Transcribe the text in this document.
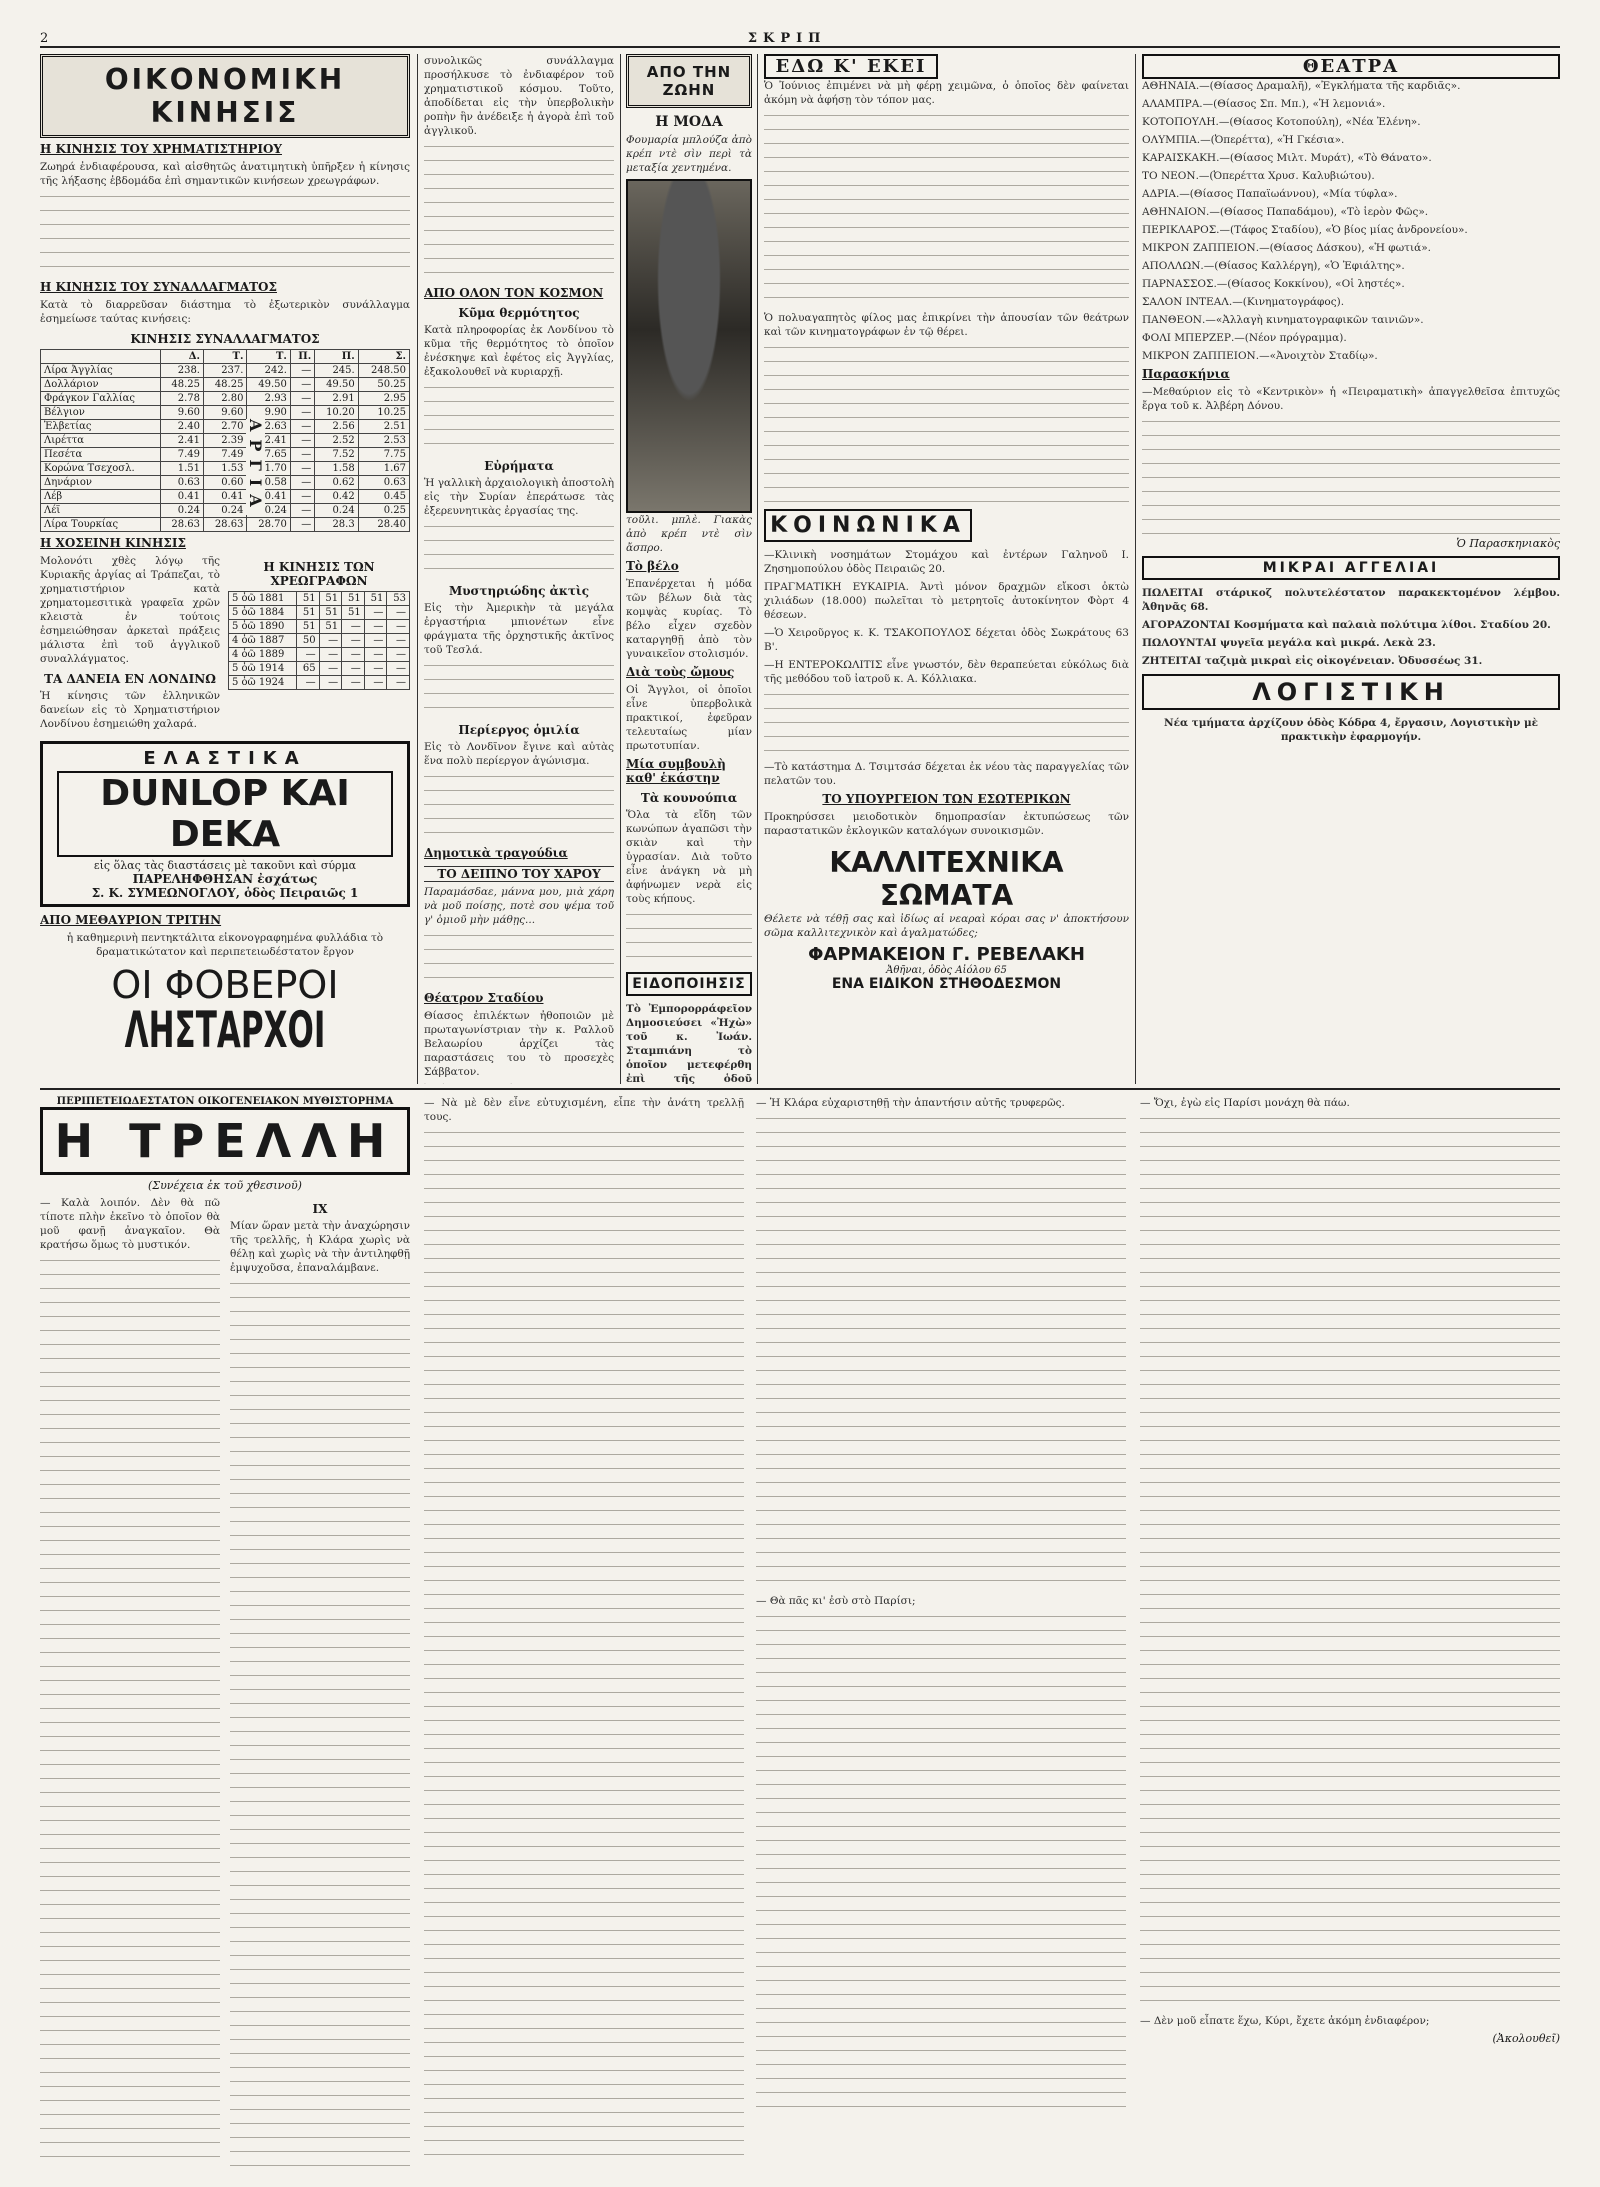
2	ΣΚΡΙΠ
ΟΙΚΟΝΟΜΙΚΗ ΚΙΝΗΣΙΣ
Η ΚΙΝΗΣΙΣ ΤΟΥ ΧΡΗΜΑΤΙΣΤΗΡΙΟΥ

Ζωηρά ἐνδιαφέρουσα, καὶ αἰσθητῶς ἀνατιμητικὴ ὑπῆρξεν ἡ κίνησις τῆς λήξασης ἑβδομάδα ἐπὶ σημαντικῶν κινήσεων χρεωγράφων.

Η ΚΙΝΗΣΙΣ ΤΟΥ ΣΥΝΑΛΛΑΓΜΑΤΟΣ

Κατὰ τὸ διαρρεῦσαν διάστημα τὸ ἐξωτερικὸν συνάλλαγμα ἐσημείωσε ταύτας κινήσεις:

ΚΙΝΗΣΙΣ ΣΥΝΑΛΛΑΓΜΑΤΟΣ
	Δ.	Τ.	Τ.	Π.	Π.	Σ.
Λίρα Ἀγγλίας	238.	237.	242.	—	245.	248.50
Δολλάριον	48.25	48.25	49.50	—	49.50	50.25
Φράγκον Γαλλίας	2.78	2.80	2.93	—	2.91	2.95
Βέλγιον	9.60	9.60	9.90	—	10.20	10.25
Ἑλβετίας	2.40	2.70	2.63	—	2.56	2.51
Λιρέττα	2.41	2.39	2.41	—	2.52	2.53
Πεσέτα	7.49	7.49	7.65	—	7.52	7.75
Κορώνα Τσεχοσλ.	1.51	1.53	1.70	—	1.58	1.67
Δηνάριον	0.63	0.60	0.58	—	0.62	0.63
Λέβ	0.41	0.41	0.41	—	0.42	0.45
Λέϊ	0.24	0.24	0.24	—	0.24	0.25
Λίρα Τουρκίας	28.63	28.63	28.70	—	28.3	28.40
ΑΡΓΙΑ
Η ΧΟΣΕΙΝΗ ΚΙΝΗΣΙΣ

Μολονότι χθὲς λόγῳ τῆς Κυριακῆς ἀργίας αἱ Τράπεζαι, τὸ χρηματιστήριον κατὰ χρηματομεσιτικὰ γραφεῖα χρῶν κλειστὰ ἐν τούτοις ἐσημειώθησαν ἀρκεταὶ πράξεις μάλιστα ἐπὶ τοῦ ἀγγλικοῦ συναλλάγματος.

ΤΑ ΔΑΝΕΙΑ ΕΝ ΛΟΝΔΙΝΩ

Ἡ κίνησις τῶν ἑλληνικῶν δανείων εἰς τὸ Χρηματιστήριον Λονδίνου ἐσημειώθη χαλαρά.

Η ΚΙΝΗΣΙΣ ΤΩΝ ΧΡΕΩΓΡΑΦΩΝ
5 ὀῶ 1881	51	51	51	51	53
5 ὀῶ 1884	51	51	51	—	—
5 ὀῶ 1890	51	51	—	—	—
4 ὀῶ 1887	50	—	—	—	—
4 ὀῶ 1889	—	—	—	—	—
5 ὀῶ 1914	65	—	—	—	—
5 ὀῶ 1924	—	—	—	—	—
ΕΛΑΣΤΙΚΑ
DUNLOP ΚΑΙ DEKA
εἰς ὅλας τὰς διαστάσεις μὲ τακοῦνι καὶ σύρμα
ΠΑΡΕΛΗΦΘΗΣΑΝ ἐσχάτως
Σ. Κ. ΣΥΜΕΩΝΟΓΛΟΥ, ὁδὸς Πειραιῶς 1
ΑΠΟ ΜΕΘΑΥΡΙΟΝ ΤΡΙΤΗΝ

ἡ καθημερινὴ πεντηκτάλιτα εἰκονογραφημένα φυλλάδια τὸ δραματικώτατον καὶ περιπετειωδέστατον ἔργον

ΟΙ ΦΟΒΕΡΟΙ
ΛΗΣΤΑΡΧΟΙ

συνολικῶς συνάλλαγμα προσήλκυσε τὸ ἐνδιαφέρον τοῦ χρηματιστικοῦ κόσμου. Τοῦτο, ἀποδίδεται εἰς τὴν ὑπερβολικὴν ροπὴν ἣν ἀνέδειξε ἡ ἀγορὰ ἐπὶ τοῦ ἀγγλικοῦ.

ΑΠΟ ΟΛΟΝ ΤΟΝ ΚΟΣΜΟΝ
Κῦμα θερμότητος

Κατὰ πληροφορίας ἐκ Λονδίνου τὸ κῦμα τῆς θερμότητος τὸ ὁποῖον ἐνέσκηψε καὶ ἐφέτος εἰς Ἀγγλίας, ἐξακολουθεῖ νὰ κυριαρχῇ.

Εὐρήματα

Ἡ γαλλικὴ ἀρχαιολογικὴ ἀποστολὴ εἰς τὴν Συρίαν ἐπεράτωσε τὰς ἐξερευνητικὰς ἐργασίας της.

Μυστηριώδης ἀκτὶς

Εἰς τὴν Ἀμερικὴν τὰ μεγάλα ἐργαστήρια μπιονέτων εἶνε φράγματα τῆς ὀρχηστικῆς ἀκτῖνος τοῦ Τεσλά.

Περίεργος ὁμιλία

Εἰς τὸ Λονδῖνον ἔγινε καὶ αὐτὰς ἕνα πολὺ περίεργον ἀγώνισμα.

Δημοτικὰ τραγούδια
ΤΟ ΔΕΙΠΝΟ ΤΟΥ ΧΑΡΟΥ

Παραμάσδαε, μάννα μου, μιὰ χάρη νὰ μοῦ ποίσῃς, ποτὲ σου ψέμα τοῦ γ' ὁμιοῦ μὴν μάθῃς...

Θέατρον Σταδίου

Θίασος ἐπιλέκτων ἠθοποιῶν μὲ πρωταγωνίστριαν τὴν κ. Ραλλοῦ Βελαωρίου ἀρχίζει τὰς παραστάσεις του τὸ προσεχὲς Σάββατον.

ΑΠΟ ΤΗΝ ΖΩΗΝ
Η ΜΟΔΑ

Φουμαρία μπλούζα ἀπὸ κρέπ ντὲ σὶν περὶ τὰ μεταξία χεντημένα.

τοῦλι. μπλὲ. Γιακὰς ἀπὸ κρέπ ντὲ σὶν ἄσπρο.

Τὸ βέλο

Ἐπανέρχεται ἡ μόδα τῶν βέλων διὰ τὰς κομψὰς κυρίας. Τὸ βέλο εἶχεν σχεδὸν καταργηθῇ ἀπὸ τὸν γυναικεῖον στολισμόν.

Διὰ τοὺς ὤμους

Οἱ Ἄγγλοι, οἱ ὁποῖοι εἶνε ὑπερβολικὰ πρακτικοί, ἐφεῦραν τελευταίως μίαν πρωτοτυπίαν.

Μία συμβουλὴ καθ' ἑκάστην
Τὰ κουνούπια

Ὅλα τὰ εἴδη τῶν κωνώπων ἀγαπῶσι τὴν σκιὰν καὶ τὴν ὑγρασίαν. Διὰ τοῦτο εἶνε ἀνάγκη νὰ μὴ ἀφήνωμεν νερὰ εἰς τοὺς κήπους.

ΕΙΔΟΠΟΙΗΣΙΣ

Τὸ Ἐμπορορράφεῖον Δημοσιεύσει «Ἠχὼ» τοῦ κ. Ἰωάν. Σταμπιάνη τὸ ὁποῖον μετεφέρθη ἐπὶ τῆς ὁδοῦ

ΕΔΩ Κ' ΕΚΕΙ

Ὁ Ἰούνιος ἐπιμένει νὰ μὴ φέρῃ χειμῶνα, ὁ ὁποῖος δὲν φαίνεται ἀκόμη νὰ ἀφήσῃ τὸν τόπον μας.

Ὁ πολυαγαπητὸς φίλος μας ἐπικρίνει τὴν ἀπουσίαν τῶν θεάτρων καὶ τῶν κινηματογράφων ἐν τῷ θέρει.

ΚΟΙΝΩΝΙΚΑ

—Κλινικὴ νοσημάτων Στομάχου καὶ ἐντέρων Γαληνοῦ Ι. Ζησημοπούλου ὁδὸς Πειραιῶς 20.

ΠΡΑΓΜΑΤΙΚΗ ΕΥΚΑΙΡΙΑ. Ἀντὶ μόνον δραχμῶν εἴκοσι ὀκτὼ χιλιάδων (18.000) πωλεῖται τὸ μετρητοῖς ἀυτοκίνητον Φὸρτ 4 θέσεων.

—Ὁ Χειροῦργος κ. Κ. ΤΣΑΚΟΠΟΥΛΟΣ δέχεται ὁδὸς Σωκράτους 63 Β'.

—Η ΕΝΤΕΡΟΚΩΛΙΤΙΣ εἶνε γνωστόν, δὲν θεραπεύεται εὐκόλως διὰ τῆς μεθόδου τοῦ ἰατροῦ κ. Α. Κόλλιακα.

—Τὸ κατάστημα Δ. Τσιμτσάσ δέχεται ἐκ νέου τὰς παραγγελίας τῶν πελατῶν του.

ΤΟ ΥΠΟΥΡΓΕΙΟΝ ΤΩΝ ΕΣΩΤΕΡΙΚΩΝ

Προκηρύσσει μειοδοτικὸν δημοπρασίαν ἐκτυπώσεως τῶν παραστατικῶν ἐκλογικῶν καταλόγων συνοικισμῶν.

ΚΑΛΛΙΤΕΧΝΙΚΑ ΣΩΜΑΤΑ

Θέλετε νὰ τέθῇ σας καὶ ἰδίως αἱ νεαραὶ κόραι σας ν' ἀποκτήσουν σῶμα καλλιτεχνικὸν καὶ ἀγαλματώδες;

ΦΑΡΜΑΚΕΙΟΝ Γ. ΡΕΒΕΛΑΚΗ
Ἀθῆναι, ὁδὸς Αἰόλου 65
ΕΝΑ ΕΙΔΙΚΟΝ ΣΤΗΘΟΔΕΣΜΟΝ
ΘΕΑΤΡΑ

ΑΘΗΝΑΙΑ.—(Θίασος Δραμαλῆ), «Ἐγκλήματα τῆς καρδιᾶς».

ΑΛΑΜΠΡΑ.—(Θίασος Σπ. Μπ.), «Ἡ λεμονιά».

ΚΟΤΟΠΟΥΛΗ.—(Θίασος Κοτοπούλη), «Νέα Ἐλένη».

ΟΛΥΜΠΙΑ.—(Ὀπερέττα), «Ἡ Γκέσια».

ΚΑΡΑΙΣΚΑΚΗ.—(Θίασος Μιλτ. Μυράτ), «Τὸ Θάνατο».

ΤΟ ΝΕΟΝ.—(Ὀπερέττα Χρυσ. Καλυβιώτου).

ΑΔΡΙΑ.—(Θίασος Παπαϊωάννου), «Μία τύφλα».

ΑΘΗΝΑΙΟΝ.—(Θίασος Παπαδάμου), «Τὸ ἱερὸν Φῶς».

ΠΕΡΙΚΛΑΡΟΣ.—(Τάφος Σταδίου), «Ὁ βίος μίας ἀνδρονείου».

ΜΙΚΡΟΝ ΖΑΠΠΕΙΟΝ.—(Θίασος Δάσκου), «Ἡ φωτιά».

ΑΠΟΛΛΩΝ.—(Θίασος Καλλέργη), «Ὁ Ἐφιάλτης».

ΠΑΡΝΑΣΣΟΣ.—(Θίασος Κοκκίνου), «Οἱ ληστές».

ΣΑΛΟΝ ΙΝΤΕΑΛ.—(Κινηματογράφος).

ΠΑΝΘΕΟΝ.—«Ἀλλαγὴ κινηματογραφικῶν ταινιῶν».

ΦΟΛΙ ΜΠΕΡΖΕΡ.—(Νέον πρόγραμμα).

ΜΙΚΡΟΝ ΖΑΠΠΕΙΟΝ.—«Ἀνοιχτὸν Σταδίῳ».

Παρασκήνια

—Μεθαύριον εἰς τὸ «Κεντρικὸν» ἡ «Πειραματικὴ» ἀπαγγελθεῖσα ἐπιτυχῶς ἔργα τοῦ κ. Ἀλβέρη Δόνου.

Ὁ Παρασκηνιακὸς
ΜΙΚΡΑΙ ΑΓΓΕΛΙΑΙ

ΠΩΛΕΙΤΑΙ στάρικοζ πολυτελέστατον παρακεκτομένον λέμβου. Ἀθηνᾶς 68.

ΑΓΟΡΑΖΟΝΤΑΙ Κοσμήματα καὶ παλαιὰ πολύτιμα λίθοι. Σταδίου 20.

ΠΩΛΟΥΝΤΑΙ ψυγεῖα μεγάλα καὶ μικρά. Λεκὰ 23.

ΖΗΤΕΙΤΑΙ ταζιμὰ μικραὶ εἰς οἰκογένειαν. Ὀδυσσέως 31.

ΛΟΓΙΣΤΙΚΗ

Νέα τμήματα ἀρχίζουν ὁδὸς Κόδρα 4, ἔργασιν, Λογιστικὴν μὲ πρακτικὴν ἐφαρμογήν.

ΠΕΡΙΠΕΤΕΙΩΔΕΣΤΑΤΟΝ ΟΙΚΟΓΕΝΕΙΑΚΟΝ ΜΥΘΙΣΤΟΡΗΜΑ
Η ΤΡΕΛΛΗ
(Συνέχεια ἐκ τοῦ χθεσινοῦ)

— Καλὰ λοιπόν. Δὲν θὰ πῶ τίποτε πλὴν ἐκεῖνο τὸ ὁποῖον θὰ μοῦ φανῇ ἀναγκαῖον. Θὰ κρατήσω ὅμως τὸ μυστικόν.

IX

Μίαν ὥραν μετὰ τὴν ἀναχώρησιν τῆς τρελλῆς, ἡ Κλάρα χωρὶς νὰ θέλῃ καὶ χωρὶς νὰ τὴν ἀντιληφθῇ ἐμψυχοῦσα, ἐπαναλάμβανε.

— Νὰ μὲ δὲν εἶνε εὐτυχισμένη, εἶπε τὴν ἀνάτη τρελλῇ τους.

— Ἡ Κλάρα εὐχαριστηθῇ τὴν ἀπαντήσιν αὐτῆς τρυφερῶς.

— Θὰ πᾶς κι' ἐσὺ στὸ Παρίσι;

— Ὄχι, ἐγὼ εἰς Παρίσι μονάχη θὰ πάω.

— Δὲν μοῦ εἶπατε ἕχω, Κύρι, ἔχετε ἀκόμη ἐνδιαφέρον;

(Ἀκολουθεῖ)
